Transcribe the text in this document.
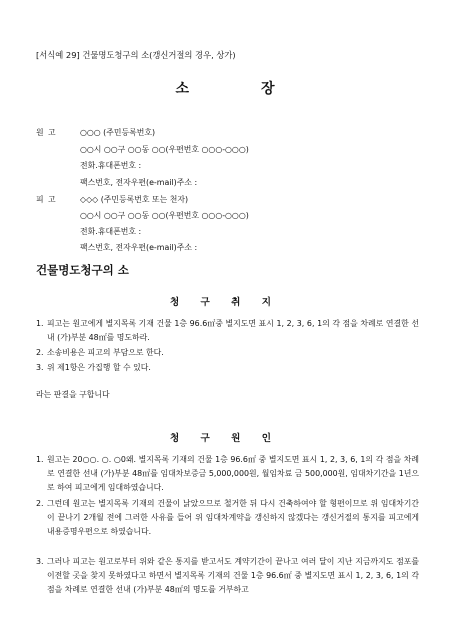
[서식예 29] 건물명도청구의 소(갱신거절의 경우, 상가)
소	장
원 고	○○○ (주민등록번호)
○○시 ○○구 ○○동 ○○(우편번호 ○○○-○○○)
전화․휴대폰번호 :
팩스번호, 전자우편(e-mail)주소 :
피 고	◇◇◇ (주민등록번호 또는 천자)
○○시 ○○구 ○○동 ○○(우편번호 ○○○-○○○)
전화․휴대폰번호 :
팩스번호, 전자우편(e-mail)주소 :
건물명도청구의 소
청 구 취 지
1. 피고는 원고에게 별지목록 기재 건물 1층 96.6㎡중 별지도면 표시 1, 2, 3, 6, 1의 각 점을 차례로 연결한 선내 (가)부분 48㎡를 명도하라.
2. 소송비용은 피고의 부담으로 한다.
3. 위 제1항은 가집행 할 수 있다.
라는 판결을 구합니다
청 구 원 인
1. 원고는 20○○. ○. ○0왜. 별지목록 기재의 건물 1층 96.6㎡ 중 별지도면 표시 1, 2, 3, 6, 1의 각 점을 차례로 연결한 선내 (가)부분 48㎡를 임대차보증금 5,000,000원, 월임차료 금 500,000원, 임대차기간을 1년으로 하여 피고에게 임대하였습니다.
2. 그런데 원고는 별지목록 기재의 건물이 낡았으므로 철거한 뒤 다시 건축하여야 할 형편이므로 위 임대차기간이 끝나기 2개월 전에 그러한 사유를 들어 위 임대차계약을 갱신하지 않겠다는 갱신거절의 통지를 피고에게 내용증명우편으로 하였습니다.
3. 그러나 피고는 원고로부터 위와 같은 통지를 받고서도 계약기간이 끝나고 여러 달이 지난 지금까지도 점포를 이전할 곳을 찾지 못하였다고 하면서 별지목록 기재의 건물 1층 96.6㎡ 중 별지도면 표시 1, 2, 3, 6, 1의 각 점을 차례로 연결한 선내 (가)부분 48㎡의 명도를 거부하고
